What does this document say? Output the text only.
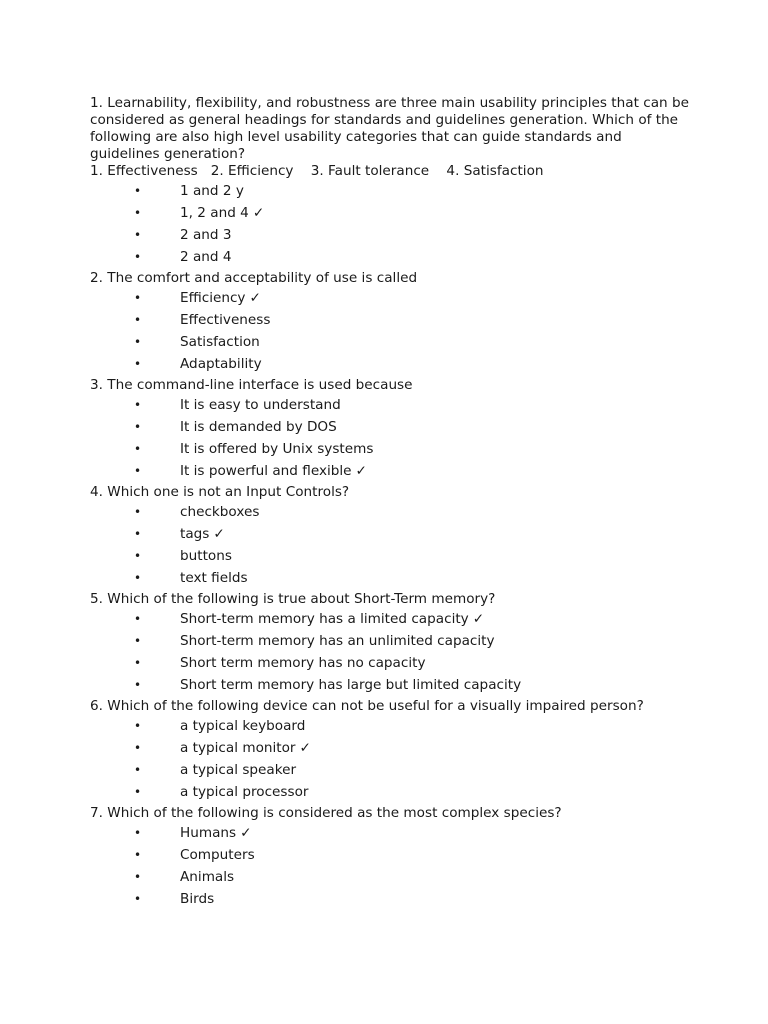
1. Learnability, flexibility, and robustness are three main usability principles that can be considered as general headings for standards and guidelines generation. Which of the following are also high level usability categories that can guide standards and guidelines generation?

1. Effectiveness   2. Efficiency    3. Fault tolerance    4. Satisfaction

•	1 and 2 y
•	1, 2 and 4 ✓
•	2 and 3
•	2 and 4

2. The comfort and acceptability of use is called

•	Efficiency ✓
•	Effectiveness
•	Satisfaction
•	Adaptability

3. The command-line interface is used because

•	It is easy to understand
•	It is demanded by DOS
•	It is offered by Unix systems
•	It is powerful and flexible ✓

4. Which one is not an Input Controls?

•	checkboxes
•	tags ✓
•	buttons
•	text fields

5. Which of the following is true about Short-Term memory?

•	Short-term memory has a limited capacity ✓
•	Short-term memory has an unlimited capacity
•	Short term memory has no capacity
•	Short term memory has large but limited capacity

6. Which of the following device can not be useful for a visually impaired person?

•	a typical keyboard
•	a typical monitor ✓
•	a typical speaker
•	a typical processor

7. Which of the following is considered as the most complex species?

•	Humans ✓
•	Computers
•	Animals
•	Birds
